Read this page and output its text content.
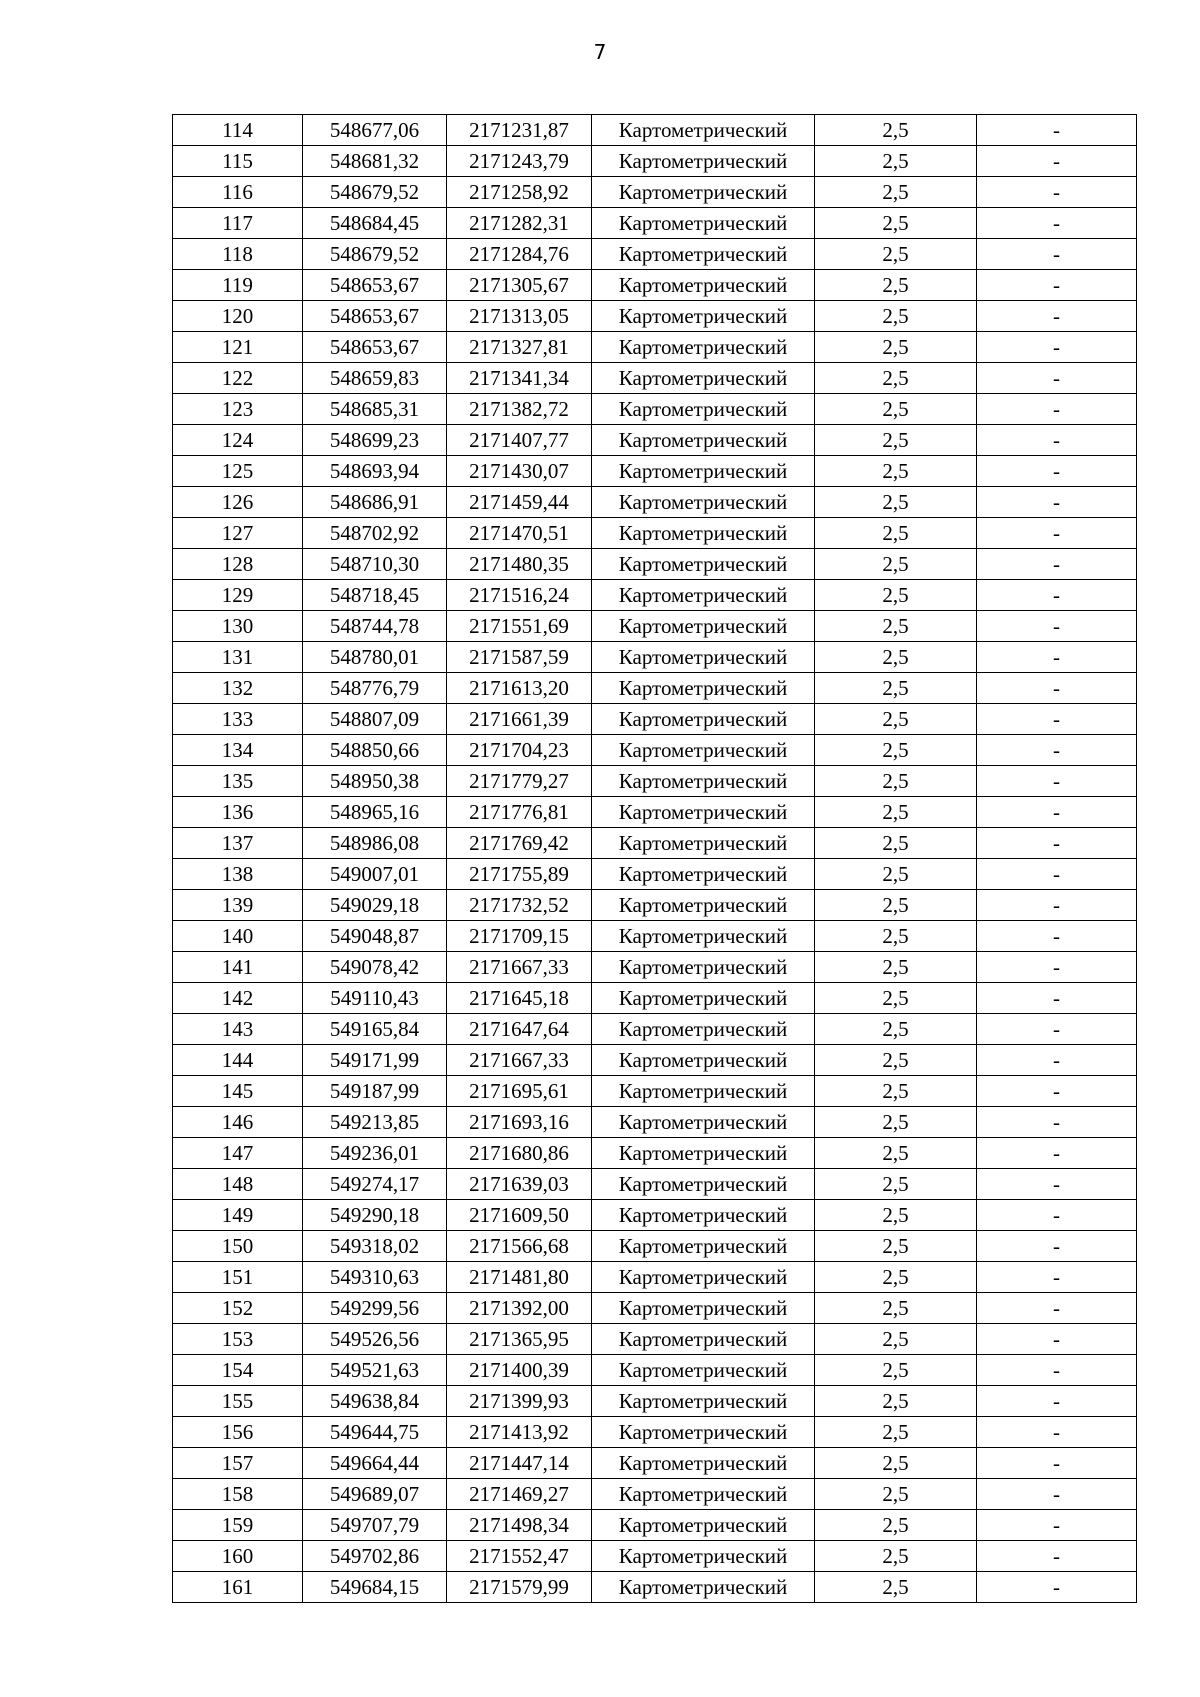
7
114	548677,06	2171231,87	Картометрический	2,5	-
115	548681,32	2171243,79	Картометрический	2,5	-
116	548679,52	2171258,92	Картометрический	2,5	-
117	548684,45	2171282,31	Картометрический	2,5	-
118	548679,52	2171284,76	Картометрический	2,5	-
119	548653,67	2171305,67	Картометрический	2,5	-
120	548653,67	2171313,05	Картометрический	2,5	-
121	548653,67	2171327,81	Картометрический	2,5	-
122	548659,83	2171341,34	Картометрический	2,5	-
123	548685,31	2171382,72	Картометрический	2,5	-
124	548699,23	2171407,77	Картометрический	2,5	-
125	548693,94	2171430,07	Картометрический	2,5	-
126	548686,91	2171459,44	Картометрический	2,5	-
127	548702,92	2171470,51	Картометрический	2,5	-
128	548710,30	2171480,35	Картометрический	2,5	-
129	548718,45	2171516,24	Картометрический	2,5	-
130	548744,78	2171551,69	Картометрический	2,5	-
131	548780,01	2171587,59	Картометрический	2,5	-
132	548776,79	2171613,20	Картометрический	2,5	-
133	548807,09	2171661,39	Картометрический	2,5	-
134	548850,66	2171704,23	Картометрический	2,5	-
135	548950,38	2171779,27	Картометрический	2,5	-
136	548965,16	2171776,81	Картометрический	2,5	-
137	548986,08	2171769,42	Картометрический	2,5	-
138	549007,01	2171755,89	Картометрический	2,5	-
139	549029,18	2171732,52	Картометрический	2,5	-
140	549048,87	2171709,15	Картометрический	2,5	-
141	549078,42	2171667,33	Картометрический	2,5	-
142	549110,43	2171645,18	Картометрический	2,5	-
143	549165,84	2171647,64	Картометрический	2,5	-
144	549171,99	2171667,33	Картометрический	2,5	-
145	549187,99	2171695,61	Картометрический	2,5	-
146	549213,85	2171693,16	Картометрический	2,5	-
147	549236,01	2171680,86	Картометрический	2,5	-
148	549274,17	2171639,03	Картометрический	2,5	-
149	549290,18	2171609,50	Картометрический	2,5	-
150	549318,02	2171566,68	Картометрический	2,5	-
151	549310,63	2171481,80	Картометрический	2,5	-
152	549299,56	2171392,00	Картометрический	2,5	-
153	549526,56	2171365,95	Картометрический	2,5	-
154	549521,63	2171400,39	Картометрический	2,5	-
155	549638,84	2171399,93	Картометрический	2,5	-
156	549644,75	2171413,92	Картометрический	2,5	-
157	549664,44	2171447,14	Картометрический	2,5	-
158	549689,07	2171469,27	Картометрический	2,5	-
159	549707,79	2171498,34	Картометрический	2,5	-
160	549702,86	2171552,47	Картометрический	2,5	-
161	549684,15	2171579,99	Картометрический	2,5	-
